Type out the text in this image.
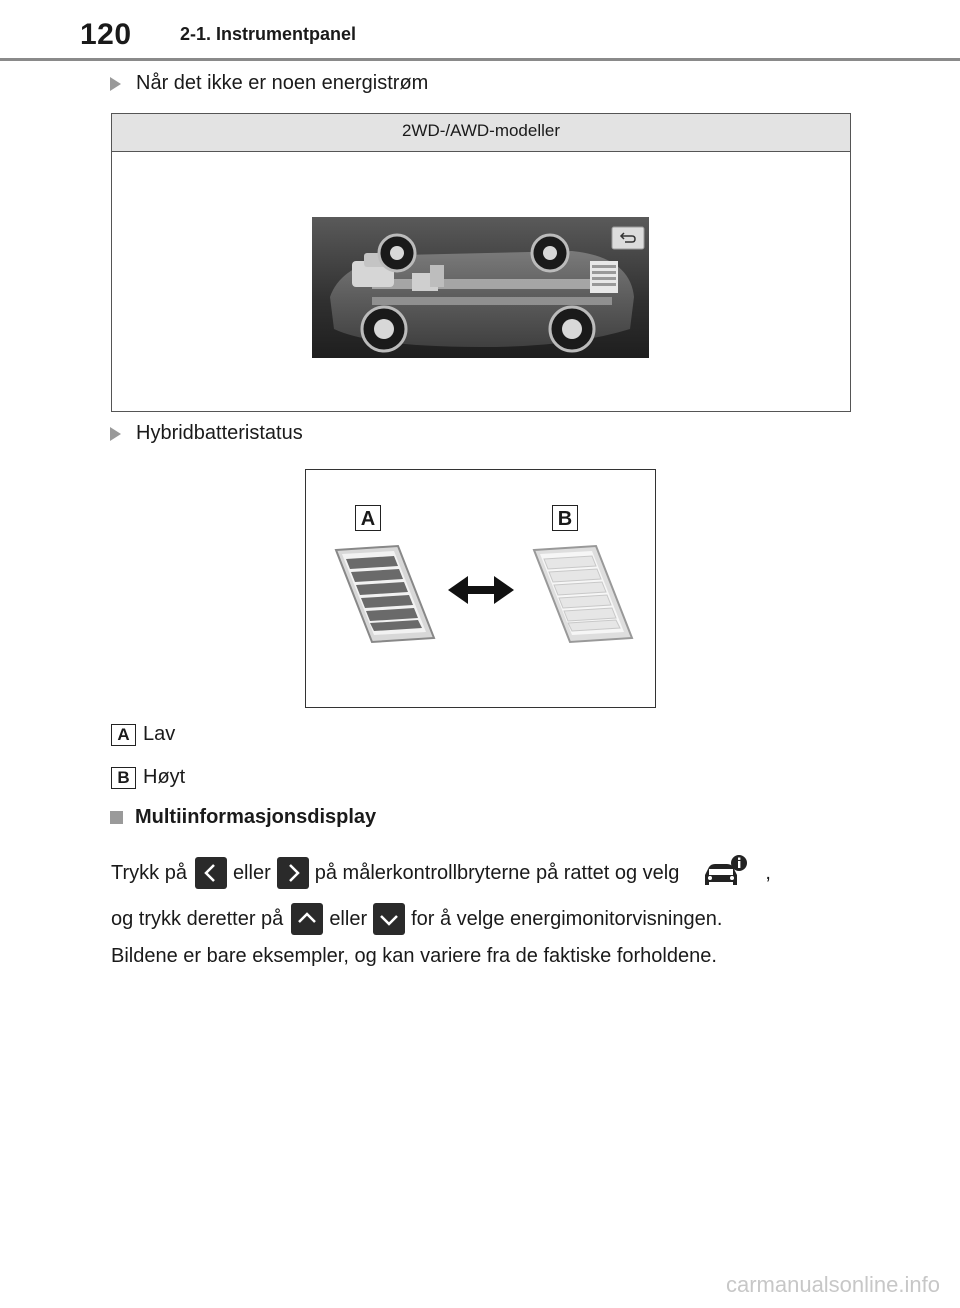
120	2-1. Instrumentpanel
Når det ikke er noen energistrøm
2WD-/AWD-modeller
Hybridbatteristatus
A	B
A Lav
B Høyt
Multiinformasjonsdisplay
Trykk på eller på målerkontrollbryterne på rattet og velg	,
og trykk deretter på eller for å velge energimonitorvisningen.
Bildene er bare eksempler, og kan variere fra de faktiske forholdene.
carmanualsonline.info
